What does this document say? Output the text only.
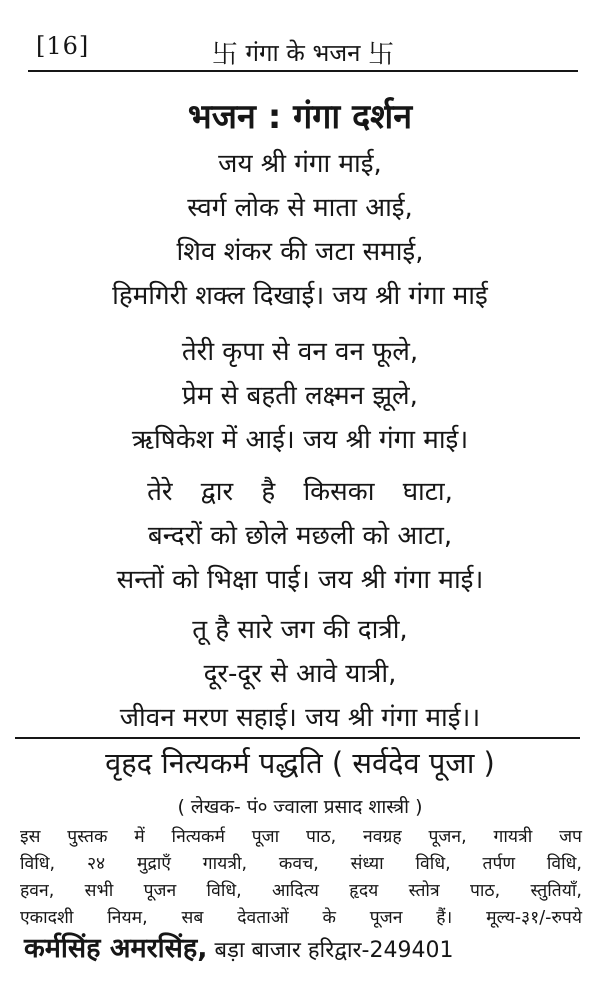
[16]	卐 गंगा के भजन 卐
भजन : गंगा दर्शन
जय श्री गंगा माई,
स्वर्ग लोक से माता आई,
शिव शंकर की जटा समाई,
हिमगिरी शक्ल दिखाई। जय श्री गंगा माई
तेरी कृपा से वन वन फूले,
प्रेम से बहती लक्ष्मन झूले,
ऋषिकेश में आई। जय श्री गंगा माई।
तेरे द्वार है किसका घाटा,
बन्दरों को छोले मछली को आटा,
सन्तों को भिक्षा पाई। जय श्री गंगा माई।
तू है सारे जग की दात्री,
दूर-दूर से आवे यात्री,
जीवन मरण सहाई। जय श्री गंगा माई।।
वृहद नित्यकर्म पद्धति ( सर्वदेव पूजा )
( लेखक- पं० ज्वाला प्रसाद शास्त्री )
इस पुस्तक में नित्यकर्म पूजा पाठ, नवग्रह पूजन, गायत्री जप
विधि, २४ मुद्राएँ गायत्री, कवच, संध्या विधि, तर्पण विधि,
हवन, सभी पूजन विधि, आदित्य हृदय स्तोत्र पाठ, स्तुतियाँ,
एकादशी नियम, सब देवताओं के पूजन हैं। मूल्य-३१/-रुपये
कर्मसिंह अमरसिंह, बड़ा बाजार हरिद्वार-249401
